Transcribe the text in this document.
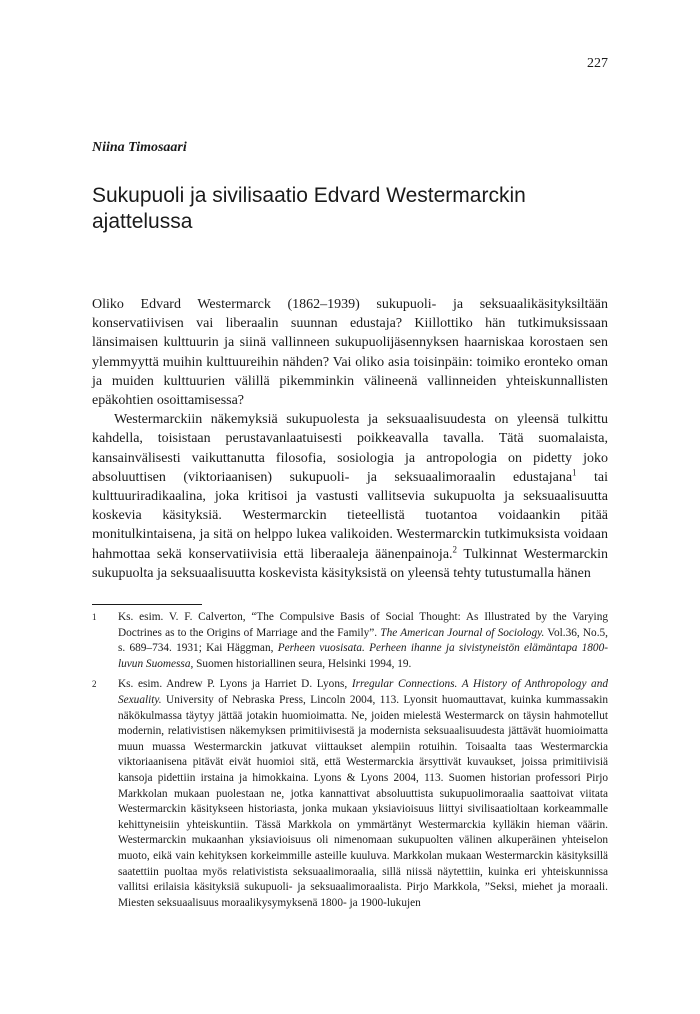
227
Niina Timosaari
Sukupuoli ja sivilisaatio Edvard Westermarckin ajattelussa

Oliko Edvard Westermarck (1862–1939) sukupuoli- ja seksuaalikäsityksiltään konservatiivisen vai liberaalin suunnan edustaja? Kiillottiko hän tutkimuksissaan länsimaisen kulttuurin ja siinä vallinneen sukupuolijäsennyksen haarniskaa korostaen sen ylemmyyttä muihin kulttuureihin nähden? Vai oliko asia toisinpäin: toimiko eronteko oman ja muiden kulttuurien välillä pikemminkin välineenä vallinneiden yhteiskunnallisten epäkohtien osoittamisessa?

Westermarckiin näkemyksiä sukupuolesta ja seksuaalisuudesta on yleensä tulkittu kahdella, toisistaan perustavanlaatuisesti poikkeavalla tavalla. Tätä suomalaista, kansainvälisesti vaikuttanutta filosofia, sosiologia ja antropologia on pidetty joko absoluuttisen (viktoriaanisen) sukupuoli- ja seksuaalimoraalin edustajana$^1$ tai kulttuuriradikaalina, joka kritisoi ja vastusti vallitsevia sukupuolta ja seksuaalisuutta koskevia käsityksiä. Westermarckin tieteellistä tuotantoa voidaankin pitää monitulkintaisena, ja sitä on helppo lukea valikoiden. Westermarckin tutkimuksista voidaan hahmottaa sekä konservatiivisia että liberaaleja äänenpainoja.$^2$ Tulkinnat Westermarckin sukupuolta ja seksuaalisuutta koskevista käsityksistä on yleensä tehty tutustumalla hänen

1	Ks. esim. V. F. Calverton, “The Compulsive Basis of Social Thought: As Illustrated by the Varying Doctrines as to the Origins of Marriage and the Family”. The American Journal of Sociology. Vol.36, No.5, s. 689–734. 1931; Kai Häggman, Perheen vuosisata. Perheen ihanne ja sivistyneistön elämäntapa 1800-luvun Suomessa, Suomen historiallinen seura, Helsinki 1994, 19.
2	Ks. esim. Andrew P. Lyons ja Harriet D. Lyons, Irregular Connections. A History of Anthropology and Sexuality. University of Nebraska Press, Lincoln 2004, 113. Lyonsit huomauttavat, kuinka kummassakin näkökulmassa täytyy jättää jotakin huomioimatta. Ne, joiden mielestä Westermarck on täysin hahmotellut modernin, relativistisen näkemyksen primitiivisestä ja modernista seksuaalisuudesta jättävät huomioimatta muun muassa Westermarckin jatkuvat viittaukset alempiin rotuihin. Toisaalta taas Westermarckia viktoriaanisena pitävät eivät huomioi sitä, että Westermarckia ärsyttivät kuvaukset, joissa primitiivisiä kansoja pidettiin irstaina ja himokkaina. Lyons & Lyons 2004, 113. Suomen historian professori Pirjo Markkolan mukaan puolestaan ne, jotka kannattivat absoluuttista sukupuolimoraalia saattoivat viitata Westermarckin käsitykseen historiasta, jonka mukaan yksiavioisuus liittyi sivilisaatioltaan korkeammalle kehittyneisiin yhteiskuntiin. Tässä Markkola on ymmärtänyt Westermarckia kylläkin hieman väärin. Westermarckin mukaanhan yksiavioisuus oli nimenomaan sukupuolten välinen alkuperäinen yhteiselon muoto, eikä vain kehityksen korkeimmille asteille kuuluva. Markkolan mukaan Westermarckin käsityksillä saatettiin puoltaa myös relativistista seksuaalimoraalia, sillä niissä näytettiin, kuinka eri yhteiskunnissa vallitsi erilaisia käsityksiä sukupuoli- ja seksuaalimoraalista. Pirjo Markkola, ”Seksi, miehet ja moraali. Miesten seksuaalisuus moraalikysymyksenä 1800- ja 1900-lukujen
